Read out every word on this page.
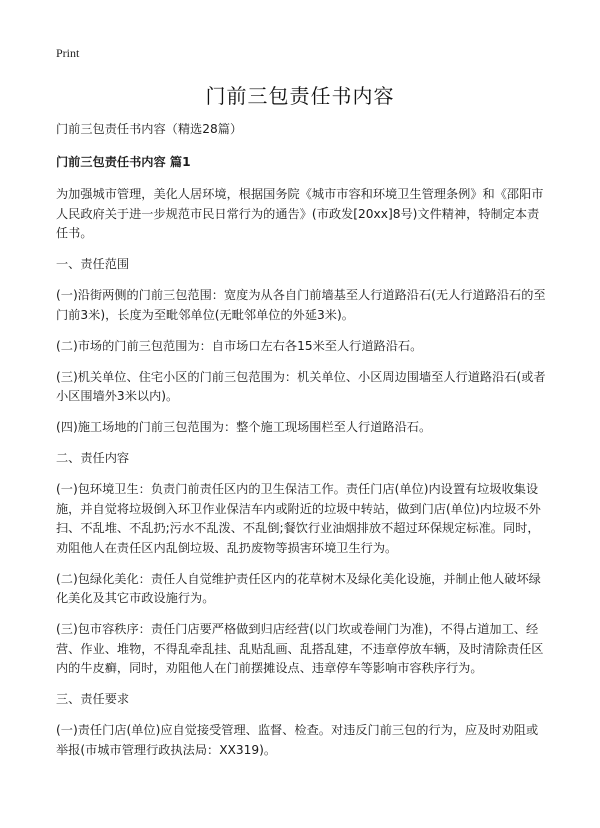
Print
门前三包责任书内容

门前三包责任书内容（精选28篇）

门前三包责任书内容 篇1

为加强城市管理，美化人居环境，根据国务院《城市市容和环境卫生管理条例》和《邵阳市人民政府关于进一步规范市民日常行为的通告》(市政发[20xx]8号)文件精神，特制定本责任书。

一、责任范围

(一)沿街两侧的门前三包范围：宽度为从各自门前墙基至人行道路沿石(无人行道路沿石的至门前3米)，长度为至毗邻单位(无毗邻单位的外延3米)。

(二)市场的门前三包范围为：自市场口左右各15米至人行道路沿石。

(三)机关单位、住宅小区的门前三包范围为：机关单位、小区周边围墙至人行道路沿石(或者小区围墙外3米以内)。

(四)施工场地的门前三包范围为：整个施工现场围栏至人行道路沿石。

二、责任内容

(一)包环境卫生：负责门前责任区内的卫生保洁工作。责任门店(单位)内设置有垃圾收集设施，并自觉将垃圾倒入环卫作业保洁车内或附近的垃圾中转站，做到门店(单位)内垃圾不外扫、不乱堆、不乱扔;污水不乱泼、不乱倒;餐饮行业油烟排放不超过环保规定标准。同时，劝阻他人在责任区内乱倒垃圾、乱扔废物等损害环境卫生行为。

(二)包绿化美化：责任人自觉维护责任区内的花草树木及绿化美化设施，并制止他人破坏绿化美化及其它市政设施行为。

(三)包市容秩序：责任门店要严格做到归店经营(以门坎或卷闸门为准)，不得占道加工、经营、作业、堆物，不得乱牵乱挂、乱贴乱画、乱搭乱建，不违章停放车辆，及时清除责任区内的牛皮癣，同时，劝阻他人在门前摆摊设点、违章停车等影响市容秩序行为。

三、责任要求

(一)责任门店(单位)应自觉接受管理、监督、检查。对违反门前三包的行为，应及时劝阻或举报(市城市管理行政执法局：XX319)。
